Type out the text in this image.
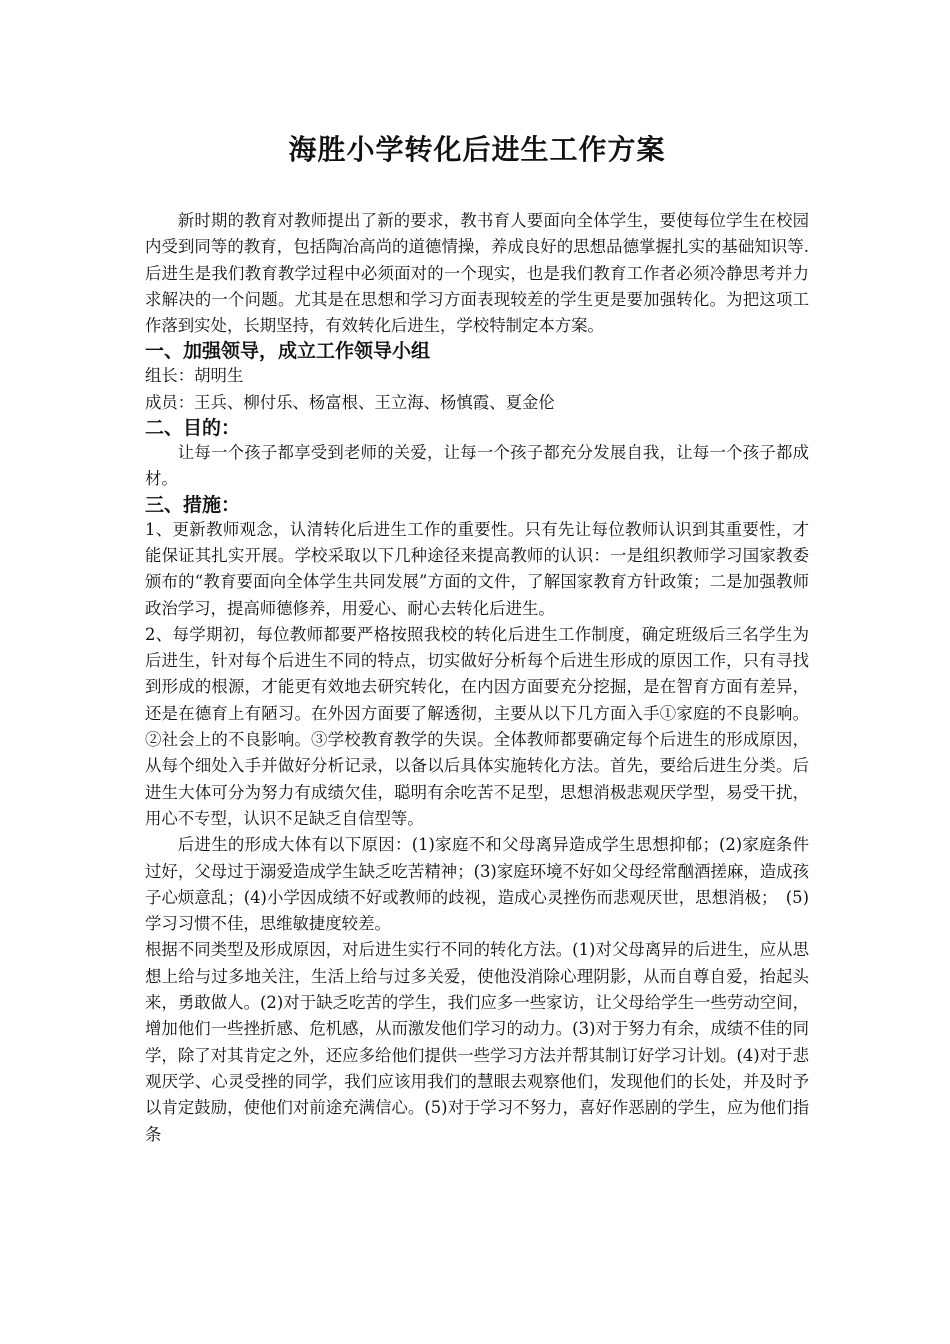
海胜小学转化后进生工作方案

新时期的教育对教师提出了新的要求，教书育人要面向全体学生，要使每位学生在校园内受到同等的教育，包括陶冶高尚的道德情操，养成良好的思想品德掌握扎实的基础知识等. 后进生是我们教育教学过程中必须面对的一个现实，也是我们教育工作者必须冷静思考并力求解决的一个问题。尤其是在思想和学习方面表现较差的学生更是要加强转化。为把这项工作落到实处，长期坚持，有效转化后进生，学校特制定本方案。

一、加强领导，成立工作领导小组

组长：胡明生

成员：王兵、柳付乐、杨富根、王立海、杨慎霞、夏金伦

二、目的：

让每一个孩子都享受到老师的关爱，让每一个孩子都充分发展自我，让每一个孩子都成材。

三、措施：

1、更新教师观念，认清转化后进生工作的重要性。只有先让每位教师认识到其重要性，才能保证其扎实开展。学校采取以下几种途径来提高教师的认识：一是组织教师学习国家教委颁布的“教育要面向全体学生共同发展”方面的文件，了解国家教育方针政策；二是加强教师政治学习，提高师德修养，用爱心、耐心去转化后进生。

2、每学期初，每位教师都要严格按照我校的转化后进生工作制度，确定班级后三名学生为后进生，针对每个后进生不同的特点，切实做好分析每个后进生形成的原因工作，只有寻找到形成的根源，才能更有效地去研究转化，在内因方面要充分挖掘，是在智育方面有差异，还是在德育上有陋习。在外因方面要了解透彻，主要从以下几方面入手①家庭的不良影响。②社会上的不良影响。③学校教育教学的失误。全体教师都要确定每个后进生的形成原因，从每个细处入手并做好分析记录，以备以后具体实施转化方法。首先，要给后进生分类。后进生大体可分为努力有成绩欠佳，聪明有余吃苦不足型，思想消极悲观厌学型，易受干扰，用心不专型，认识不足缺乏自信型等。

后进生的形成大体有以下原因：(1)家庭不和父母离异造成学生思想抑郁；(2)家庭条件过好，父母过于溺爱造成学生缺乏吃苦精神；(3)家庭环境不好如父母经常酗酒搓麻，造成孩子心烦意乱；(4)小学因成绩不好或教师的歧视，造成心灵挫伤而悲观厌世，思想消极；　(5)　学习习惯不佳，思维敏捷度较差。

根据不同类型及形成原因，对后进生实行不同的转化方法。(1)对父母离异的后进生，应从思想上给与过多地关注，生活上给与过多关爱，使他没消除心理阴影，从而自尊自爱，抬起头来，勇敢做人。(2)对于缺乏吃苦的学生，我们应多一些家访，让父母给学生一些劳动空间，增加他们一些挫折感、危机感，从而激发他们学习的动力。(3)对于努力有余，成绩不佳的同学，除了对其肯定之外，还应多给他们提供一些学习方法并帮其制订好学习计划。(4)对于悲观厌学、心灵受挫的同学，我们应该用我们的慧眼去观察他们，发现他们的长处，并及时予以肯定鼓励，使他们对前途充满信心。(5)对于学习不努力，喜好作恶剧的学生，应为他们指条
